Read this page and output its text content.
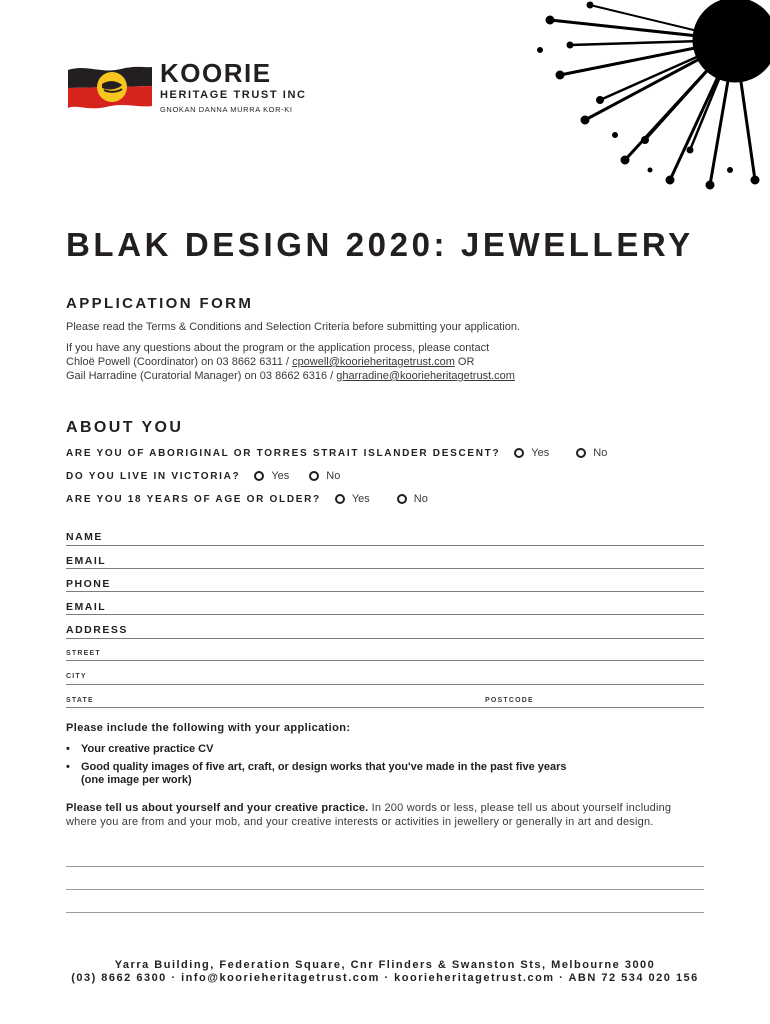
KOORIE
HERITAGE TRUST INC
GNOKAN DANNA MURRA KOR-KI
BLAK DESIGN 2020: JEWELLERY
APPLICATION FORM
Please read the Terms & Conditions and Selection Criteria before submitting your application.
If you have any questions about the program or the application process, please contact
Chloë Powell (Coordinator) on 03 8662 6311 / cpowell@koorieheritagetrust.com OR
Gail Harradine (Curatorial Manager) on 03 8662 6316 / gharradine@koorieheritagetrust.com
ABOUT YOU
ARE YOU OF ABORIGINAL OR TORRES STRAIT ISLANDER DESCENT?	Yes	No
DO YOU LIVE IN VICTORIA?	Yes	No
ARE YOU 18 YEARS OF AGE OR OLDER?	Yes	No
NAME
EMAIL
PHONE
EMAIL
ADDRESS
STREET
CITY
STATE	POSTCODE
Please include the following with your application:
• Your creative practice CV
• Good quality images of five art, craft, or design works that you've made in the past five years
(one image per work)
Please tell us about yourself and your creative practice. In 200 words or less, please tell us about yourself including where you are from and your mob, and your creative interests or activities in jewellery or generally in art and design.
Yarra Building, Federation Square, Cnr Flinders & Swanston Sts, Melbourne 3000
(03) 8662 6300 · info@koorieheritagetrust.com · koorieheritagetrust.com · ABN 72 534 020 156
